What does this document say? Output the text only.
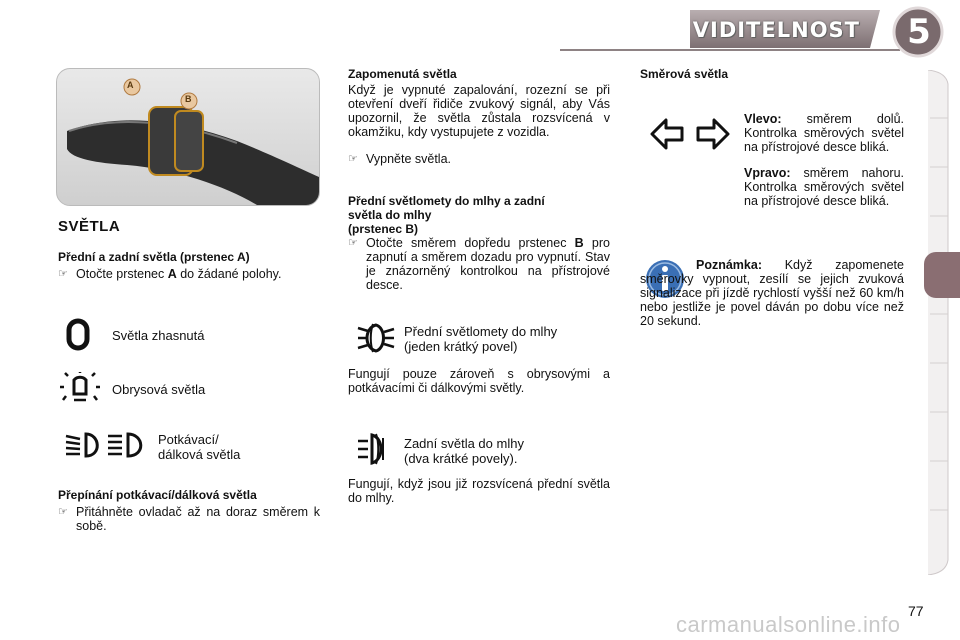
VIDITELNOST	5
A
B
SVĚTLA
Přední a zadní světla (prstenec A)
☞ Otočte prstenec A do žádané polohy.
Světla zhasnutá
Obrysová světla
Potkávací/
dálková světla
Přepínání potkávací/dálková světla
☞ Přitáhněte ovladač až na doraz směrem k sobě.
Zapomenutá světla
Když je vypnuté zapalování, rozezní se při otevření dveří řidiče zvukový signál, aby Vás upozornil, že světla zůstala rozsvícená v okamžiku, kdy vystupujete z vozidla.
☞ Vypněte světla.
Přední světlomety do mlhy a zadní
světla do mlhy
(prstenec B)
☞ Otočte směrem dopředu prstenec B pro zapnutí a směrem dozadu pro vypnutí. Stav je znázorněný kontrolkou na přístrojové desce.
Přední světlomety do mlhy
(jeden krátký povel)
Fungují pouze zároveň s obrysovými a potkávacími či dálkovými světly.
Zadní světla do mlhy
(dva krátké povely).
Fungují, když jsou již rozsvícená přední světla do mlhy.
Směrová světla
Vlevo: směrem dolů. Kontrolka směrových světel na přístrojové desce bliká.
Vpravo: směrem nahoru. Kontrolka směrových světel na přístrojové desce bliká.
Poznámka: Když zapomenete směrovky vypnout, zesílí se jejich zvuková signalizace při jízdě rychlostí vyšší než 60 km/h nebo jestliže je povel dáván po dobu více než 20 sekund.
77
carmanualsonline.info
